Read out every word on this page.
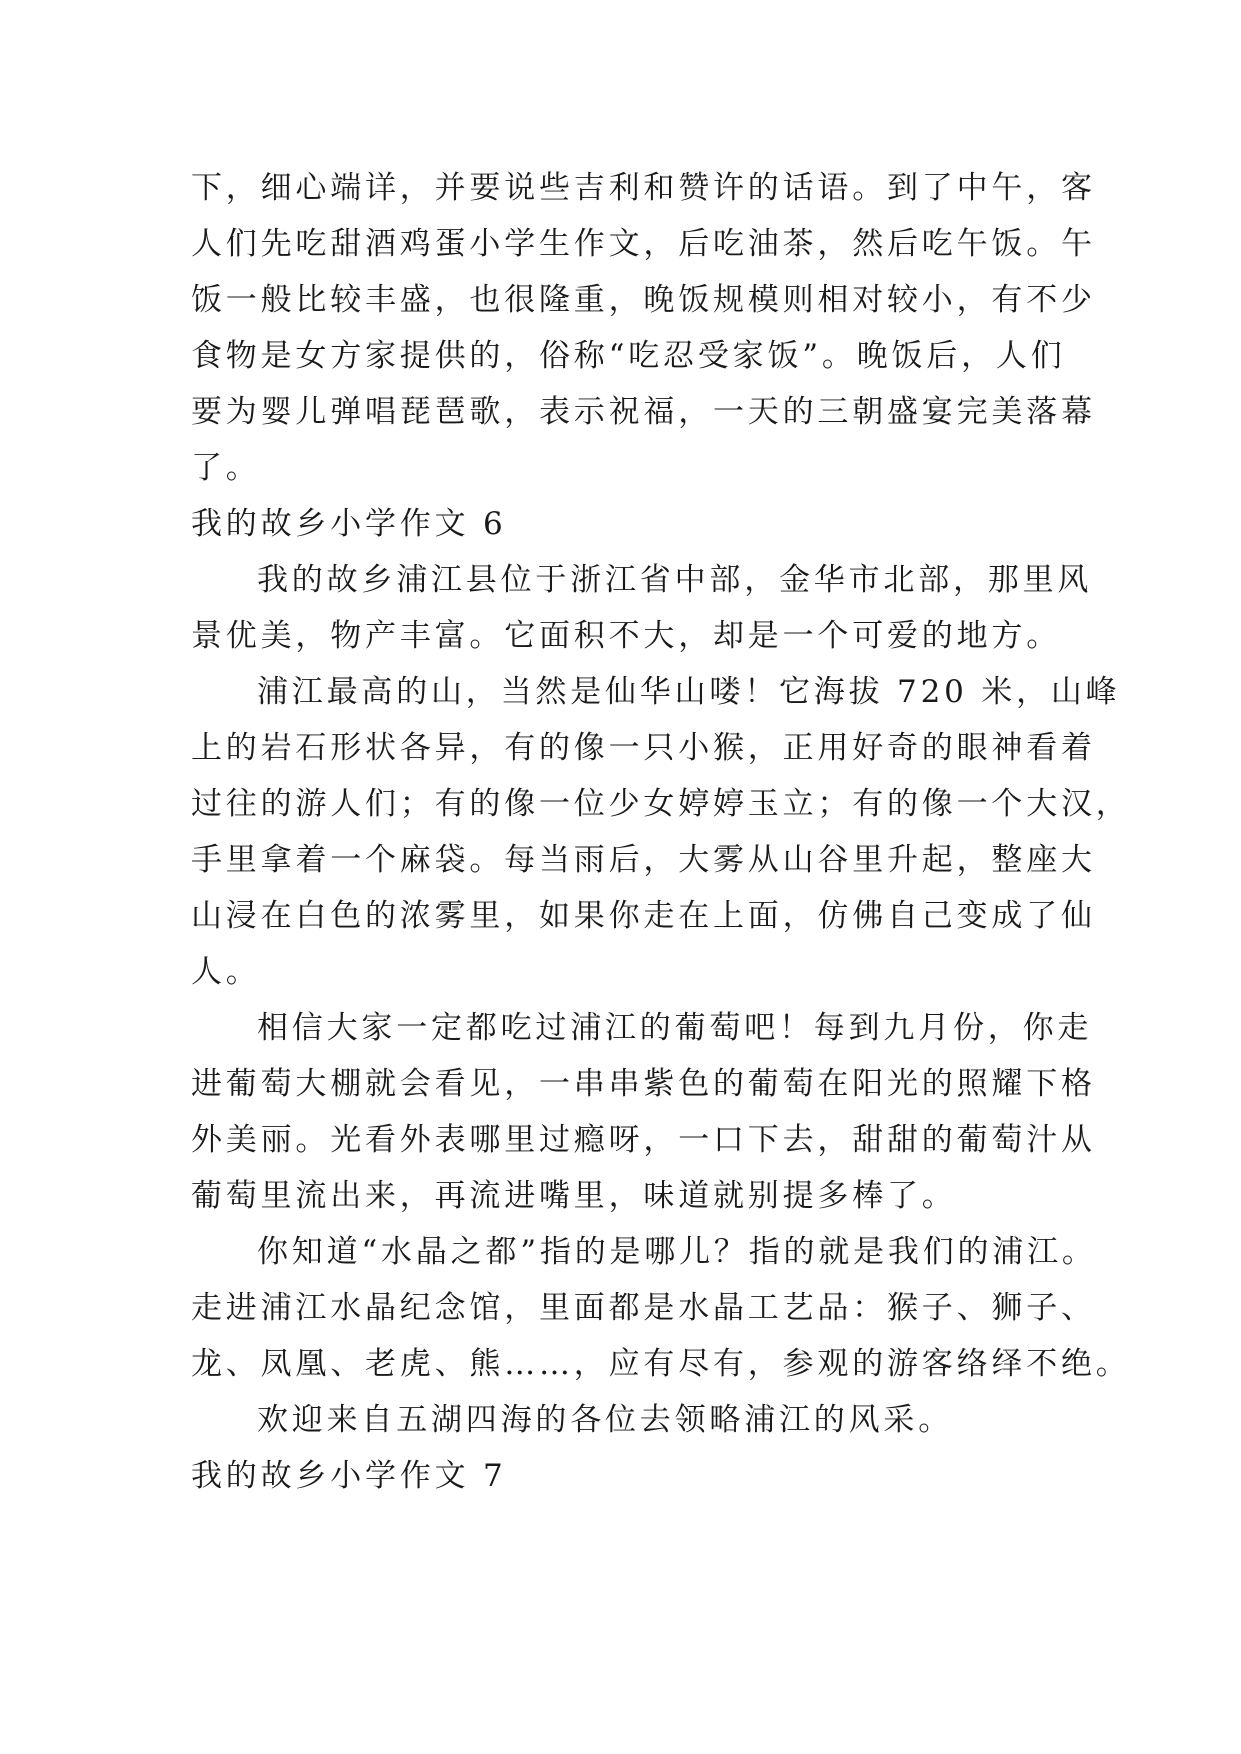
下，细心端详，并要说些吉利和赞许的话语。到了中午，客
人们先吃甜酒鸡蛋小学生作文，后吃油茶，然后吃午饭。午
饭一般比较丰盛，也很隆重，晚饭规模则相对较小，有不少
食物是女方家提供的，俗称“吃忍受家饭”。晚饭后，人们
要为婴儿弹唱琵琶歌，表示祝福，一天的三朝盛宴完美落幕
了。
我的故乡小学作文 6
我的故乡浦江县位于浙江省中部，金华市北部，那里风
景优美，物产丰富。它面积不大，却是一个可爱的地方。
浦江最高的山，当然是仙华山喽！它海拔 720 米，山峰
上的岩石形状各异，有的像一只小猴，正用好奇的眼神看着
过往的游人们；有的像一位少女婷婷玉立；有的像一个大汉，
手里拿着一个麻袋。每当雨后，大雾从山谷里升起，整座大
山浸在白色的浓雾里，如果你走在上面，仿佛自己变成了仙
人。
相信大家一定都吃过浦江的葡萄吧！每到九月份，你走
进葡萄大棚就会看见，一串串紫色的葡萄在阳光的照耀下格
外美丽。光看外表哪里过瘾呀，一口下去，甜甜的葡萄汁从
葡萄里流出来，再流进嘴里，味道就别提多棒了。
你知道“水晶之都”指的是哪儿？指的就是我们的浦江。
走进浦江水晶纪念馆，里面都是水晶工艺品：猴子、狮子、
龙、凤凰、老虎、熊……，应有尽有，参观的游客络绎不绝。
欢迎来自五湖四海的各位去领略浦江的风采。
我的故乡小学作文 7
